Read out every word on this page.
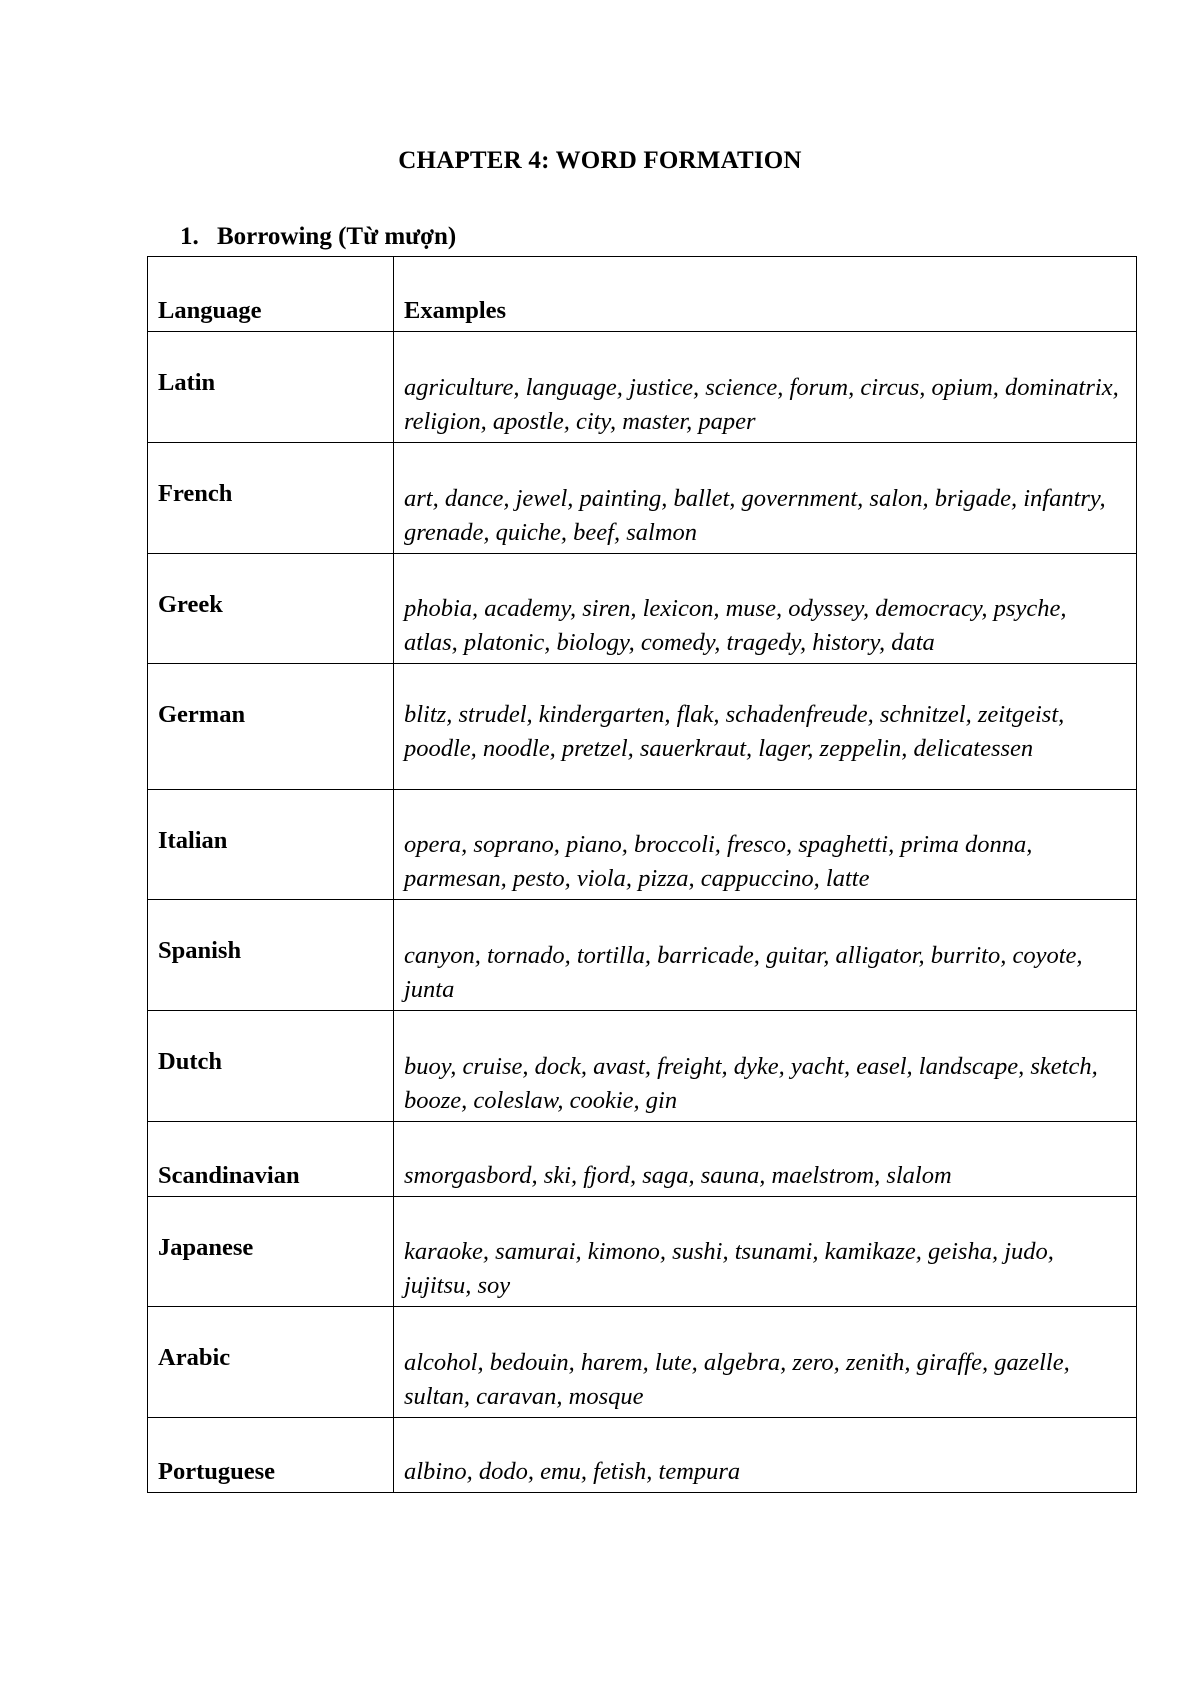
CHAPTER 4: WORD FORMATION
1. Borrowing (Từ mượn)
Language	Examples
Latin	agriculture, language, justice, science, forum, circus, opium, dominatrix, religion, apostle, city, master, paper
French	art, dance, jewel, painting, ballet, government, salon, brigade, infantry, grenade, quiche, beef, salmon
Greek	phobia, academy, siren, lexicon, muse, odyssey, democracy, psyche, atlas, platonic, biology, comedy, tragedy, history, data
German	blitz, strudel, kindergarten, flak, schadenfreude, schnitzel, zeitgeist, poodle, noodle, pretzel, sauerkraut, lager, zeppelin, delicatessen
Italian	opera, soprano, piano, broccoli, fresco, spaghetti, prima donna, parmesan, pesto, viola, pizza, cappuccino, latte
Spanish	canyon, tornado, tortilla, barricade, guitar, alligator, burrito, coyote, junta
Dutch	buoy, cruise, dock, avast, freight, dyke, yacht, easel, landscape, sketch, booze, coleslaw, cookie, gin
Scandinavian	smorgasbord, ski, fjord, saga, sauna, maelstrom, slalom
Japanese	karaoke, samurai, kimono, sushi, tsunami, kamikaze, geisha, judo, jujitsu, soy
Arabic	alcohol, bedouin, harem, lute, algebra, zero, zenith, giraffe, gazelle, sultan, caravan, mosque
Portuguese	albino, dodo, emu, fetish, tempura
